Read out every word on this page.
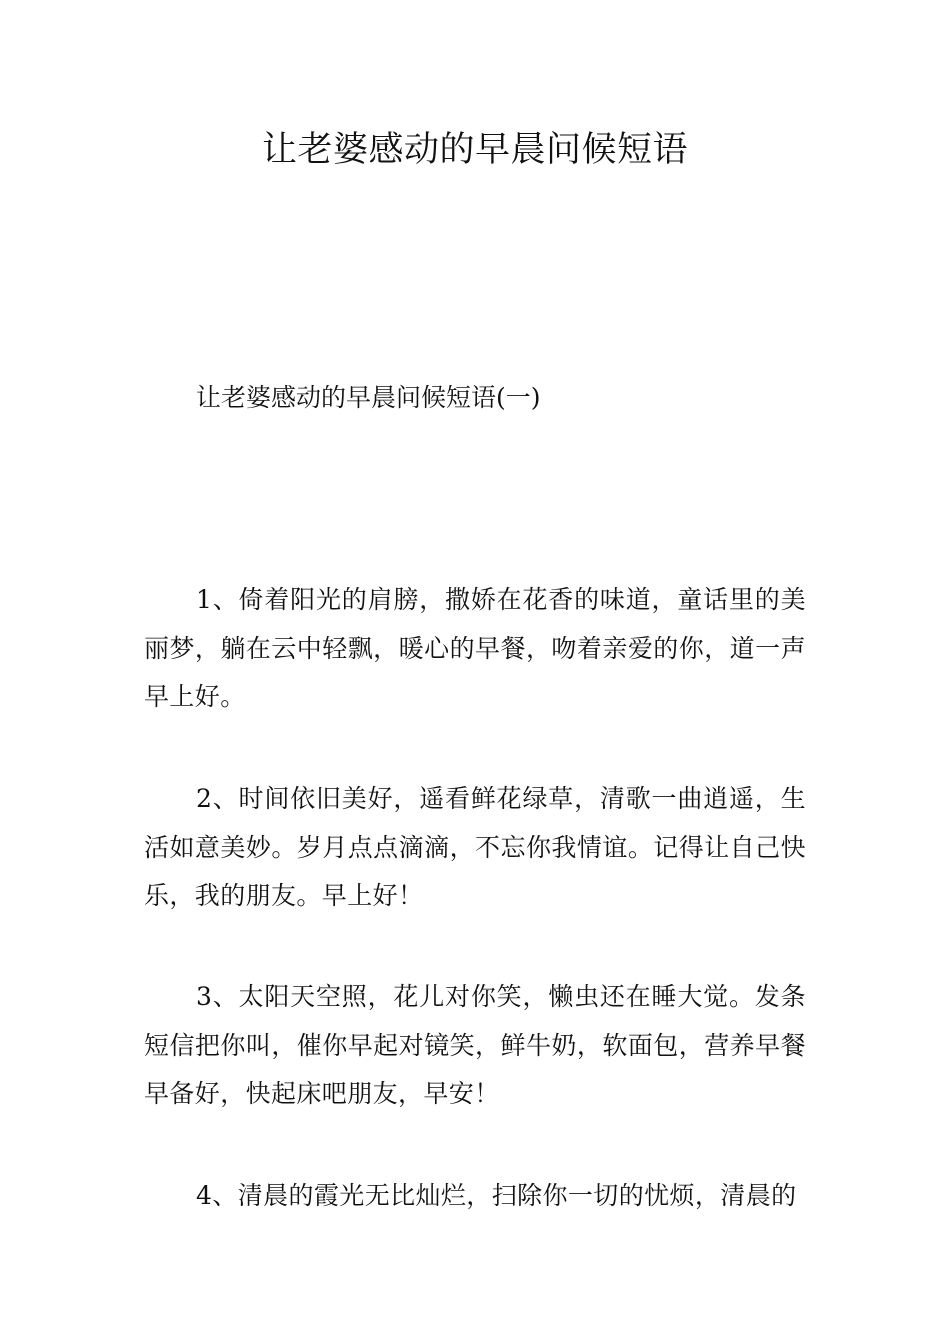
让老婆感动的早晨问候短语

让老婆感动的早晨问候短语(一)

1、倚着阳光的肩膀，撒娇在花香的味道，童话里的美丽梦，躺在云中轻飘，暖心的早餐，吻着亲爱的你，道一声早上好。

2、时间依旧美好，遥看鲜花绿草，清歌一曲逍遥，生活如意美妙。岁月点点滴滴，不忘你我情谊。记得让自己快乐，我的朋友。早上好！

3、太阳天空照，花儿对你笑，懒虫还在睡大觉。发条短信把你叫，催你早起对镜笑，鲜牛奶，软面包，营养早餐早备好，快起床吧朋友，早安！

4、清晨的霞光无比灿烂，扫除你一切的忧烦，清晨的
